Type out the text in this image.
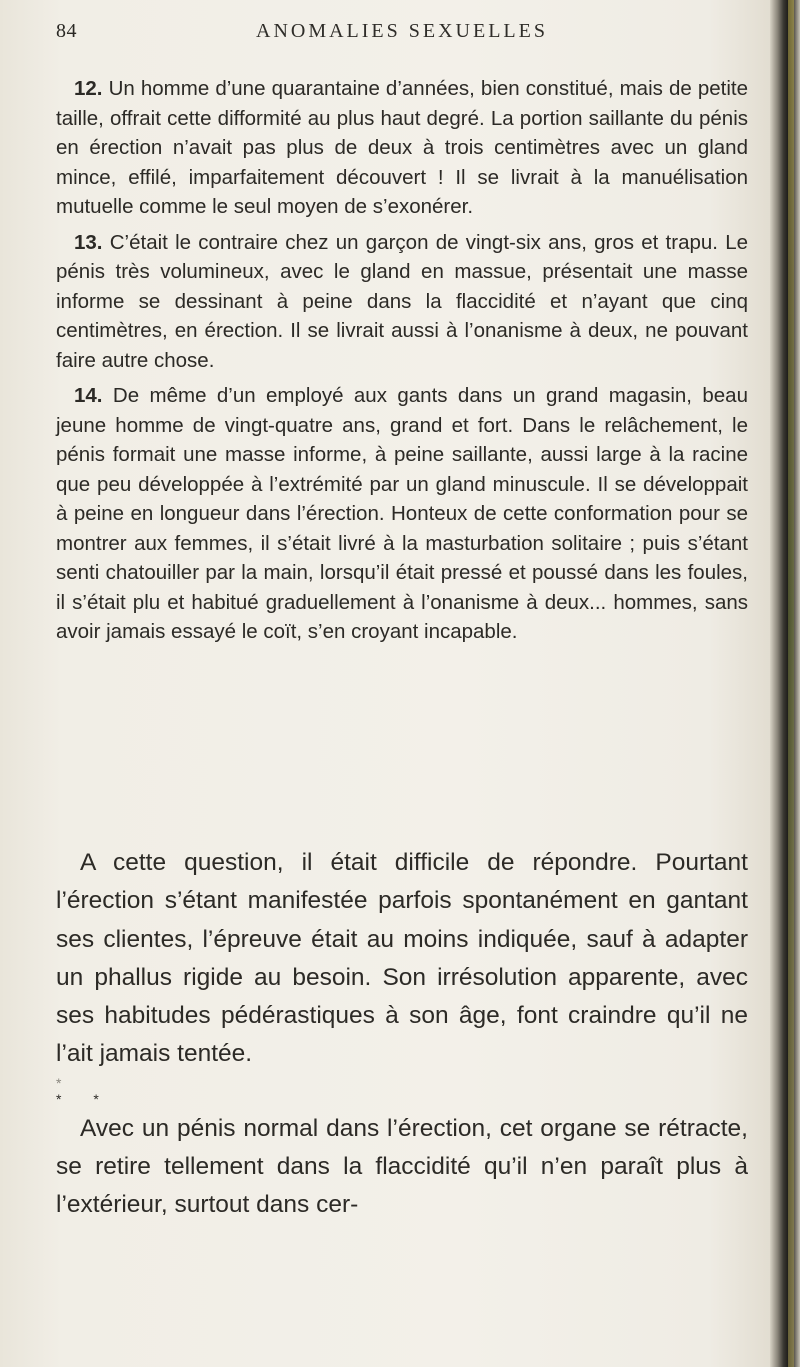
84	ANOMALIES SEXUELLES

12. Un homme d’une quarantaine d’années, bien constitué, mais de petite taille, offrait cette difformité au plus haut degré. La portion saillante du pénis en érection n’avait pas plus de deux à trois centimètres avec un gland mince, effilé, imparfaitement découvert ! Il se livrait à la manuélisation mutuelle comme le seul moyen de s’exonérer.

13. C’était le contraire chez un garçon de vingt-six ans, gros et trapu. Le pénis très volumineux, avec le gland en massue, présentait une masse informe se dessinant à peine dans la flaccidité et n’ayant que cinq centimètres, en érection. Il se livrait aussi à l’onanisme à deux, ne pouvant faire autre chose.

14. De même d’un employé aux gants dans un grand magasin, beau jeune homme de vingt-quatre ans, grand et fort. Dans le relâchement, le pénis formait une masse informe, à peine saillante, aussi large à la racine que peu développée à l’extrémité par un gland minuscule. Il se développait à peine en longueur dans l’érection. Honteux de cette conformation pour se montrer aux femmes, il s’était livré à la masturbation solitaire ; puis s’étant senti chatouiller par la main, lorsqu’il était pressé et poussé dans les foules, il s’était plu et habitué graduellement à l’onanisme à deux... hommes, sans avoir jamais essayé le coït, s’en croyant incapable.

A cette question, il était difficile de répondre. Pourtant l’érection s’étant manifestée parfois spontanément en gantant ses clientes, l’épreuve était au moins indiquée, sauf à adapter un phallus rigide au besoin. Son irrésolution apparente, avec ses habitudes pédérastiques à son âge, font craindre qu’il ne l’ait jamais tentée.

*
* *

Avec un pénis normal dans l’érection, cet organe se rétracte, se retire tellement dans la flaccidité qu’il n’en paraît plus à l’extérieur, surtout dans cer-
